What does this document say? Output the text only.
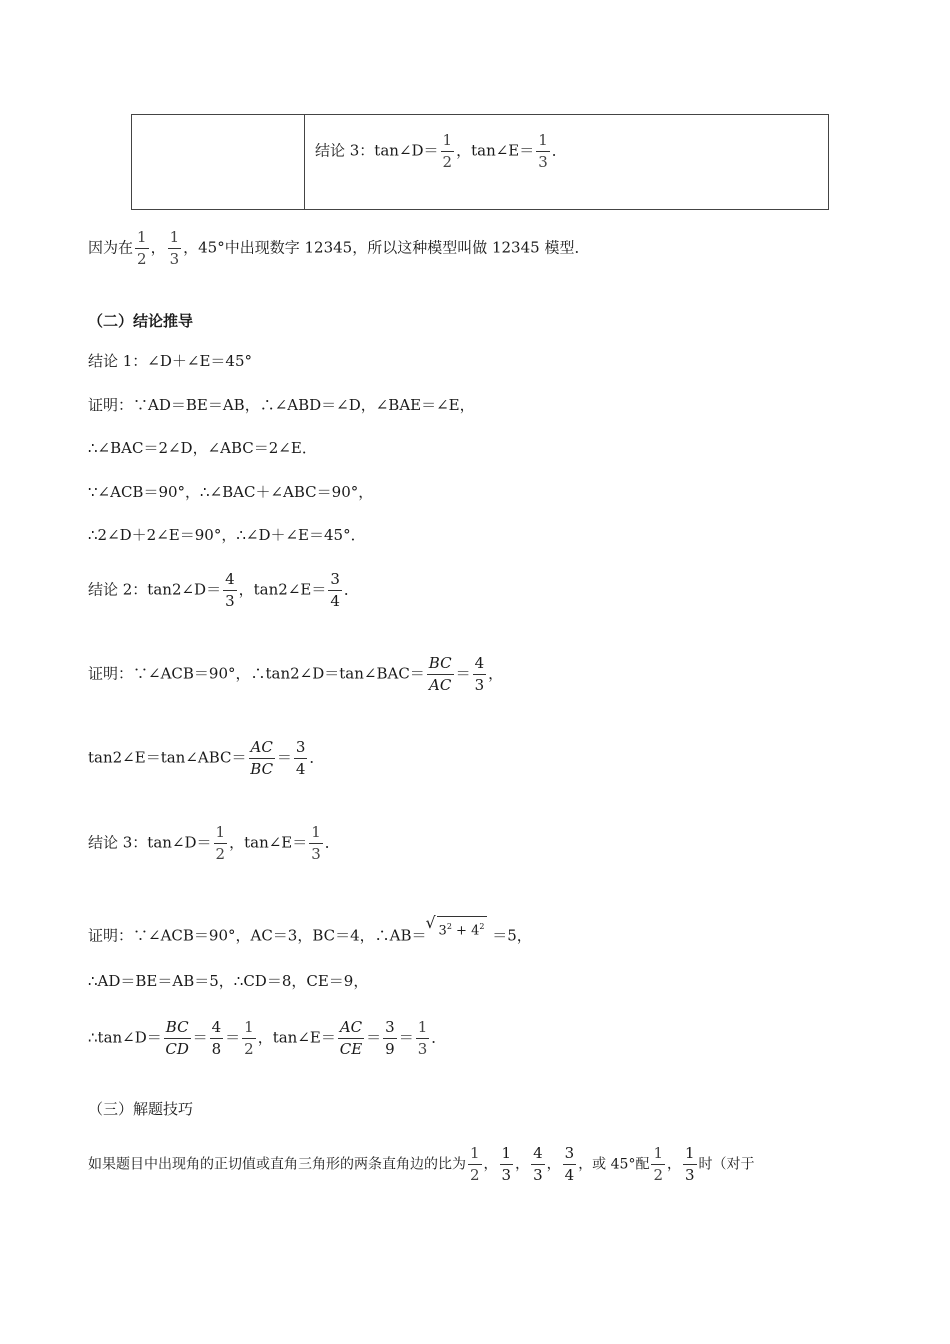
结论 3：tan∠D＝ $\frac{1}{2}$ ，tan∠E＝ $\frac{1}{3}$ ．
因为在 $\frac{1}{2}$ ， $\frac{1}{3}$ ，45°中出现数字 12345，所以这种模型叫做 12345 模型．
（二）结论推导
结论 1：∠D＋∠E＝45°
证明：∵AD＝BE＝AB，∴∠ABD＝∠D，∠BAE＝∠E，
∴∠BAC＝2∠D，∠ABC＝2∠E．
∵∠ACB＝90°，∴∠BAC＋∠ABC＝90°，
∴2∠D＋2∠E＝90°，∴∠D＋∠E＝45°．
结论 2：tan2∠D＝ $\frac{4}{3}$ ，tan2∠E＝ $\frac{3}{4}$ ．
证明：∵∠ACB＝90°，∴tan2∠D＝tan∠BAC＝ $\frac{BC}{AC} = \frac{4}{3}$ ，
tan2∠E＝tan∠ABC＝ $\frac{AC}{BC} = \frac{3}{4}$ ．
结论 3：tan∠D＝ $\frac{1}{2}$ ，tan∠E＝ $\frac{1}{3}$ ．
证明：∵∠ACB＝90°，AC＝3，BC＝4，∴AB＝√ $3^2 + 4^2 =5$，
∴AD＝BE＝AB＝5，∴CD＝8，CE＝9，
∴tan∠D＝ $\frac{BC}{CD} = \frac{4}{8} = \frac{1}{2}$ ，tan∠E＝ $\frac{AC}{CE} = \frac{3}{9} = \frac{1}{3}$ ．
（三）解题技巧
如果题目中出现角的正切值或直角三角形的两条直角边的比为 $\frac{1}{2}$ ， $\frac{1}{3}$ ， $\frac{4}{3}$ ， $\frac{3}{4}$ ，或 45°配 $\frac{1}{2}$ ， $\frac{1}{3}$ 时（对于
